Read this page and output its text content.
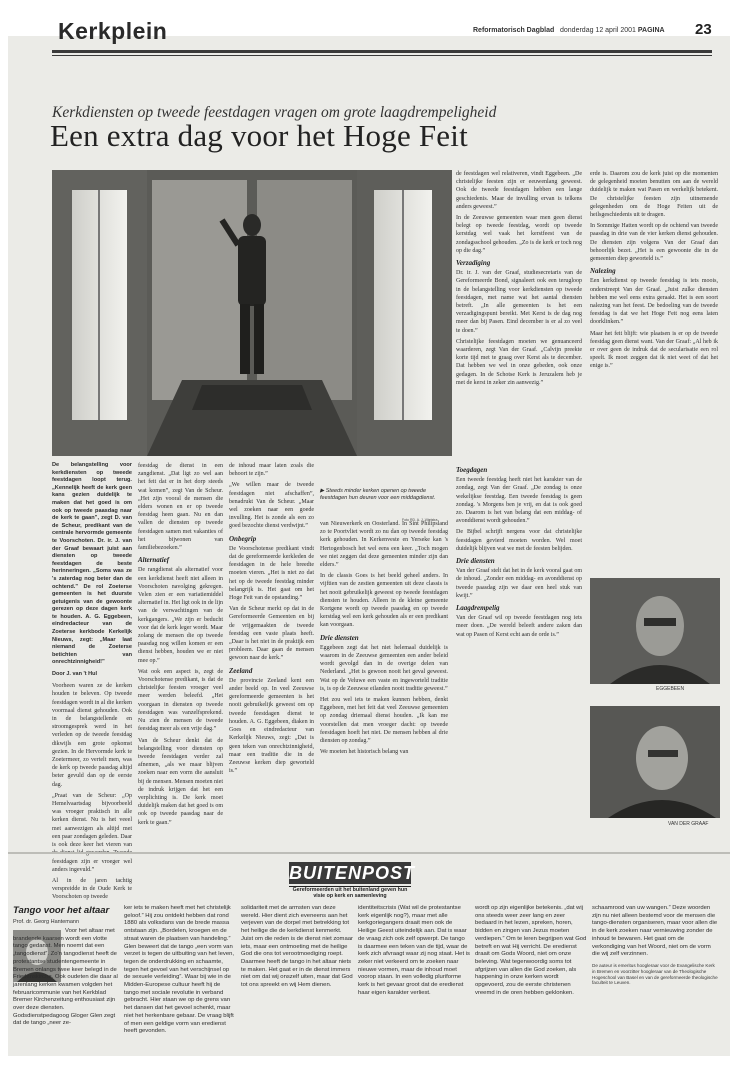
Kerkplein	Reformatorisch Dagblad donderdag 12 april 2001 PAGINA 23
Kerkdiensten op tweede feestdagen vragen om grote laagdrempeligheid
Een extra dag voor het Hoge Feit
Foto RD, A. J. Vlietstra
EGGEBEEN
VAN DER GRAAF
De belangstelling voor kerkdiensten op tweede feestdagen loopt terug. „Kennelijk heeft de kerk geen kans gezien duidelijk te maken dat het goed is om ook op tweede paasdag naar de kerk te gaan”, zegt D. van de Scheur, predikant van de centrale hervormde gemeente te Voorschoten. Dr. ir. J. van der Graaf bewaart juist aan diensten op tweede feestdagen de beste herinneringen. „Soms was ze 's zaterdag nog beter dan de ochtend.” De rol Zoeterse gemeenten is het duurste getuigenis van de gewoonte gerezen op deze dagen kerk te houden. A. G. Eggebeen, eindredacteur van de Zoeterse kerkbode Kerkelijk Nieuws, zegt: „Maar laat niemand de Zoeterse betichten van onrechtzinnigheid!”
Door J. van 't Hul

Voorheen waren ze de kerken houden te beleven. Op tweede feestdagen wordt in al die kerken voormaal dienst gehouden. Ook in de belangstellende en stroomgesprek werd in het verleden op de tweede feestdag dikwijls een grote opkomst gezien. In de Hervormde kerk te Zoetermeer, zo vertelt men, was de kerk op tweede paasdag altijd beter gevuld dan op de eerste dag.

„Praat van de Scheur: „Op Hemelvaartsdag bijvoorbeeld was vroeger praktisch in alle kerken dienst. Nu is het veeel met aanwezigen als altijd met een paar zondagen geleden. Daar is ook deze keer het vieren van feestdagen zijn er vroeger wel anders ingevuld.”

Al in de jaren tachtig verspreidde in de Oude Kerk te Voorschoten op tweede

feestdag de dienst in een zangdienst. „Dat ligt zo wel aan het feit dat er in het dorp steeds wat komen”, zegt Van de Scheur. „Het zijn vooral de mensen die elders wonen en er op tweede feestdag heen gaan. Nu en dan vallen de diensten op tweede feestdagen samen met vakanties of het bijwonen van familiebezoeken.”

Alternatief

De rangdienst als alternatief voor een kerkdienst heeft niet alleen in Voorschoten navolging gekregen. Velen zien er een variatiemiddel alternatief in. Het ligt ook in de lijn van de verwachtingen van de kerkgangers. „We zijn er beducht voor dat de kerk leger wordt. Maar zolang de mensen die op tweede paasdag nog willen komen er een dienst hebben, houden we er niet mee op.”

Wat ook een aspect is, zegt de Voorschotense predikant, is dat de christelijke feesten vroeger veel meer werden beleefd. „Het voorgaan in diensten op tweede feestdagen was vanzelfsprekend. Nu zien de mensen de tweede feestdag meer als een vrije dag.”

Van de Scheur denkt dat de belangstelling voor diensten op tweede feestdagen verder zal afnemen, „als we maar blijven zoeken naar een vorm die aansluit bij de mensen. Mensen moeten niet de indruk krijgen dat het een verplichting is. De kerk moet duidelijk maken dat het goed is om ook op tweede paasdag naar de kerk te gaan.”

de inhoud maar laten zoals die behoort te zijn.”

„We willen maar de tweede feestdagen niet afschaffen”, benadrukt Van de Scheur. „Maar wel zoeken naar een goede invulling. Het is zonde als een zo goed bezochte dienst verdwijnt.”

Onbegrip

De Voorschotense predikant vindt dat de gereformeerde kerkleden de feestdagen in de hele breedte moeten vieren. „Het is niet zo dat het op de tweede feestdag minder belangrijk is. Het gaat om het Hoge Feit van de opstanding.”

Van de Scheur merkt op dat in de Gereformeerde Gemeenten en bij de vrijgemaakten de tweede feestdag een vaste plaats heeft. „Daar is het niet in de praktijk een probleem. Daar gaan de mensen gewoon naar de kerk.”

Zeeland

De provincie Zeeland kent een ander beeld op. In veel Zeeuwse gereformeerde gemeenten is het nooit gebruikelijk geweest om op tweede feestdagen dienst te houden. A. G. Eggebeen, diaken in Goes en eindredacteur van Kerkelijk Nieuws, zegt: „Dat is geen teken van onrechtzinnigheid, maar een traditie die in de Zeeuwse kerken diep geworteld is.”

▶ Steeds minder kerken openen op tweede feestdagen hun deuren voor een middagdienst.

van Nieuwerkerk en Oosterland. In Sint Philipsland zo te Poortvliet wordt zo nu dan op tweede feestdag kerk gehouden. In Kerkenveste en Yerseke kan 's Hertogenbosch het wel eens een keer. „Toch mogen we niet zeggen dat deze gemeenten minder zijn dan elders.”

In de classis Goes is het beeld geheel anders. In vijftien van de zestien gemeenten uit deze classis is het nooit gebruikelijk geweest op tweede feestdagen diensten te houden. Alleen in de kleine gemeente Kortgene wordt op tweede paasdag en op tweede kerstdag wel een kerk gehouden als er een predikant kan voorgaan.

Drie diensten

Eggebeen zegt dat het niet helemaal duidelijk is waarom in de Zeeuwse gemeenten een ander beleid wordt gevolgd dan in de overige delen van Nederland. „Het is gewoon nooit het geval geweest. Wat op de Veluwe een vaste en ingeworteld traditie is, is op de Zeeuwse eilanden nooit traditie geweest.”

Het zou wel iets te maken kunnen hebben, denkt Eggebeen, met het feit dat veel Zeeuwse gemeenten op zondag driemaal dienst houden. „Ik kan me voorstellen dat men vroeger dacht: op tweede feestdagen hoeft het niet. De mensen hebben al drie diensten op zondag.”

We moeten het historisch belang van

de feestdagen wel relativeren, vindt Eggebeen. „De christelijke feesten zijn er eeuwenlang geweest. Ook de tweede feestdagen hebben een lange geschiedenis. Maar de invulling ervan is telkens anders geweest.”

In de Zeeuwse gemeenten waar men geen dienst belegt op tweede feestdag, wordt op tweede kerstdag wel vaak het kerstfeest van de zondagsschool gehouden. „Zo is de kerk er toch nog op die dag.”

Verzadiging

Dr. ir. J. van der Graaf, studiesecretaris van de Gereformeerde Bond, signaleert ook een terugloop in de belangstelling voor kerkdiensten op tweede feestdagen, met name wat het aantal diensten betreft. „In alle gemeenten is het een verzadigingspunt bereikt. Met Kerst is de dag nog meer dan bij Pasen. Eind december is er al zo veel te doen.”

Christelijke feestdagen moeten we genuanceerd waarderen, zegt Van der Graaf. „Calvijn preekte korte tijd met te graag over Kerst als te december. Dat hebben we wel in onze gebeden, ook onze gedagen. In de Schotse Kerk is Jeruzalem heb je met de kerst in zeker zin aanwezig.”

erde is. Daarom zou de kerk juist op die momenten de gelegenheid moeten benutten om aan de wereld duidelijk te maken wat Pasen en werkelijk betekent. De christelijke feesten zijn uitnemende gelegenheden om de Hoge Feiten uit de heilsgeschiedenis uit te dragen.

In Sommige Hatten wordt op de ochtend van tweede paasdag in drie van de vier kerken dienst gehouden. De diensten zijn volgens Van der Graaf dan behoorlijk bezet. „Het is een gewoonte die in de gemeenten diep geworteld is.”

Nalezing

Een kerkdienst op tweede feestdag is iets moois, onderstreept Van der Graaf. „Juist zulke diensten hebben me wel eens extra geraakt. Het is een soort nalezing van het feest. De bedoeling van de tweede feestdag is dat we het Hoge Feit nog eens laten doorklinken.”

Maar het feit blijft: wie plaatsen is er op de tweede feestdag geen dienst want. Van der Graaf: „Al heb ik er over geen de indruk dat de secularisatie een rol speelt. Ik moet zeggen dat ik niet weet of dat het enige is.”

Toegdagen

Een tweede feestdag heeft niet het karakter van de zondag, zegt Van der Graaf. „De zondag is onze wekelijkse feestdag. Een tweede feestdag is geen zondag. 's Morgens ben je vrij, en dat is ook goed zo. Daarom is het van belang dat een middag- of avonddienst wordt gehouden.”

De Bijbel schrijft nergens voor dat christelijke feestdagen gevierd moeten worden. Wel moet duidelijk blijven wat we met de feesten belijden.

Drie diensten

Van der Graaf stelt dat het in de kerk vooral gaat om de inhoud. „Zonder een middag- en avonddienst op tweede paasdag zijn we daar een heel stuk van kwijt.”

Laagdrempelig

Van der Graaf wil op tweede feestdagen nog iets meer doen. „De wereld beleeft andere zaken dan wat op Pasen of Kerst echt aan de orde is.”

BUITENPOST
Gereformeerden uit het buitenland geven hun visie op kerk en samenleving
Tango voor het altaar
Prof. dr. Georg Hantemann
Voor het altaar met brandende kaarsen wordt een vlotte tango gedanst. Men noemt dat een „tangodienst”. Zo'n tangodienst heeft de protestantse studentengemeente in Bremen onlangs twee keer belegd in de Friedenskirche. Ook oudeten die daar al jarenlang kerken kwamen volgden het februaricommunie van het Kerkblad Bremer Kirchenzeitung enthousiast zijn over deze diensten. Godsdienstpedagoog Gloger Glen zegt dat de tango „neer ze-
ker iets te maken heeft met het christelijk geloof.” Hij zou ontdekt hebben dat rond 1880 als volksdans van de brede massa ontstaan zijn. „Bordelen, kroegen en de straat waren de plaatsen van handeling.” Glen beweert dat de tango „een vorm van verzet is tegen de uitbuiting van het leven, tegen de onderdrukking en schaamte, tegen het gevoel van het verschijnsel op de sexuele verleiding”. Waar bij wie in de Midden-Europese cultuur heeft hij de tango met sociale revolutie in verband gebracht. Hier staan we op de grens van het dansen dat het gevoel schenkt, maar niet het herkenbare gebaar. De vraag blijft of men een geldige vorm van eredienst heeft gevonden.
solidariteit met de armsten van deze wereld. Hier dient zich eveneens aan het verjeven van de dorpel met betrekking tot het heilige die de kerkdienst kenmerkt. Juist om die reden is de dienst niet zomaar iets, maar een ontmoeting met de heilige God die ons tot verootmoediging roept. Daarmee heeft de tango in het altaar niets te maken. Het gaat er in de dienst immers niet om dat wij onszelf uiten, maar dat God tot ons spreekt en wij Hem dienen.
identiteitscrisis (Wat wil de protestantse kerk eigenlijk nog?), maar met alle kerkgoriegangers draait men ook de Heilige Geest uiteindelijk aan. Dat is waar de vraag zich ook zelf opwerpt. De tango is daarmee een teken van de tijd, waar de kerk zich afvraagt waar zij nog staat. Het is zeker niet verkeerd om te zoeken naar nieuwe vormen, maar de inhoud moet voorop staan. In een volledig pluriforme kerk is het gevaar groot dat de eredienst haar eigen karakter verliest.
wordt op zijn eigenlijke betekenis. „dat wij ons steeds weer zeer lang en zeer bedaard in het lezen, spreken, horen, bidden en zingen van Jezus moeten verdiepen.” Om te leren begrijpen wat God betreft en wat Hij verricht. De eredienst draait om Gods Woord, niet om onze beleving. Wat tegenwoordig soms tot afgrijzen van allen die God zoeken, als happening in onze kerken wordt opgevoerd, zou de eerste christenen vreemd in de oren hebben geklonken.
schaamrood van uw wangen.” Deze woorden zijn nu niet alleen bestemd voor de mensen die tango-diensten organiseren, maar voor allen die in de kerk zoeken naar vernieuwing zonder de inhoud te bewaren. Het gaat om de verkondiging van het Woord, niet om de vorm die wij zelf verzinnen.
De auteur is emeritus hoogleraar voor de Evangelische Kerk in Bremen en voorzitter hoogleraar van de Theologische Hogeschool van Basel en van de gereformeerde theologische faculteit te Leuven.
